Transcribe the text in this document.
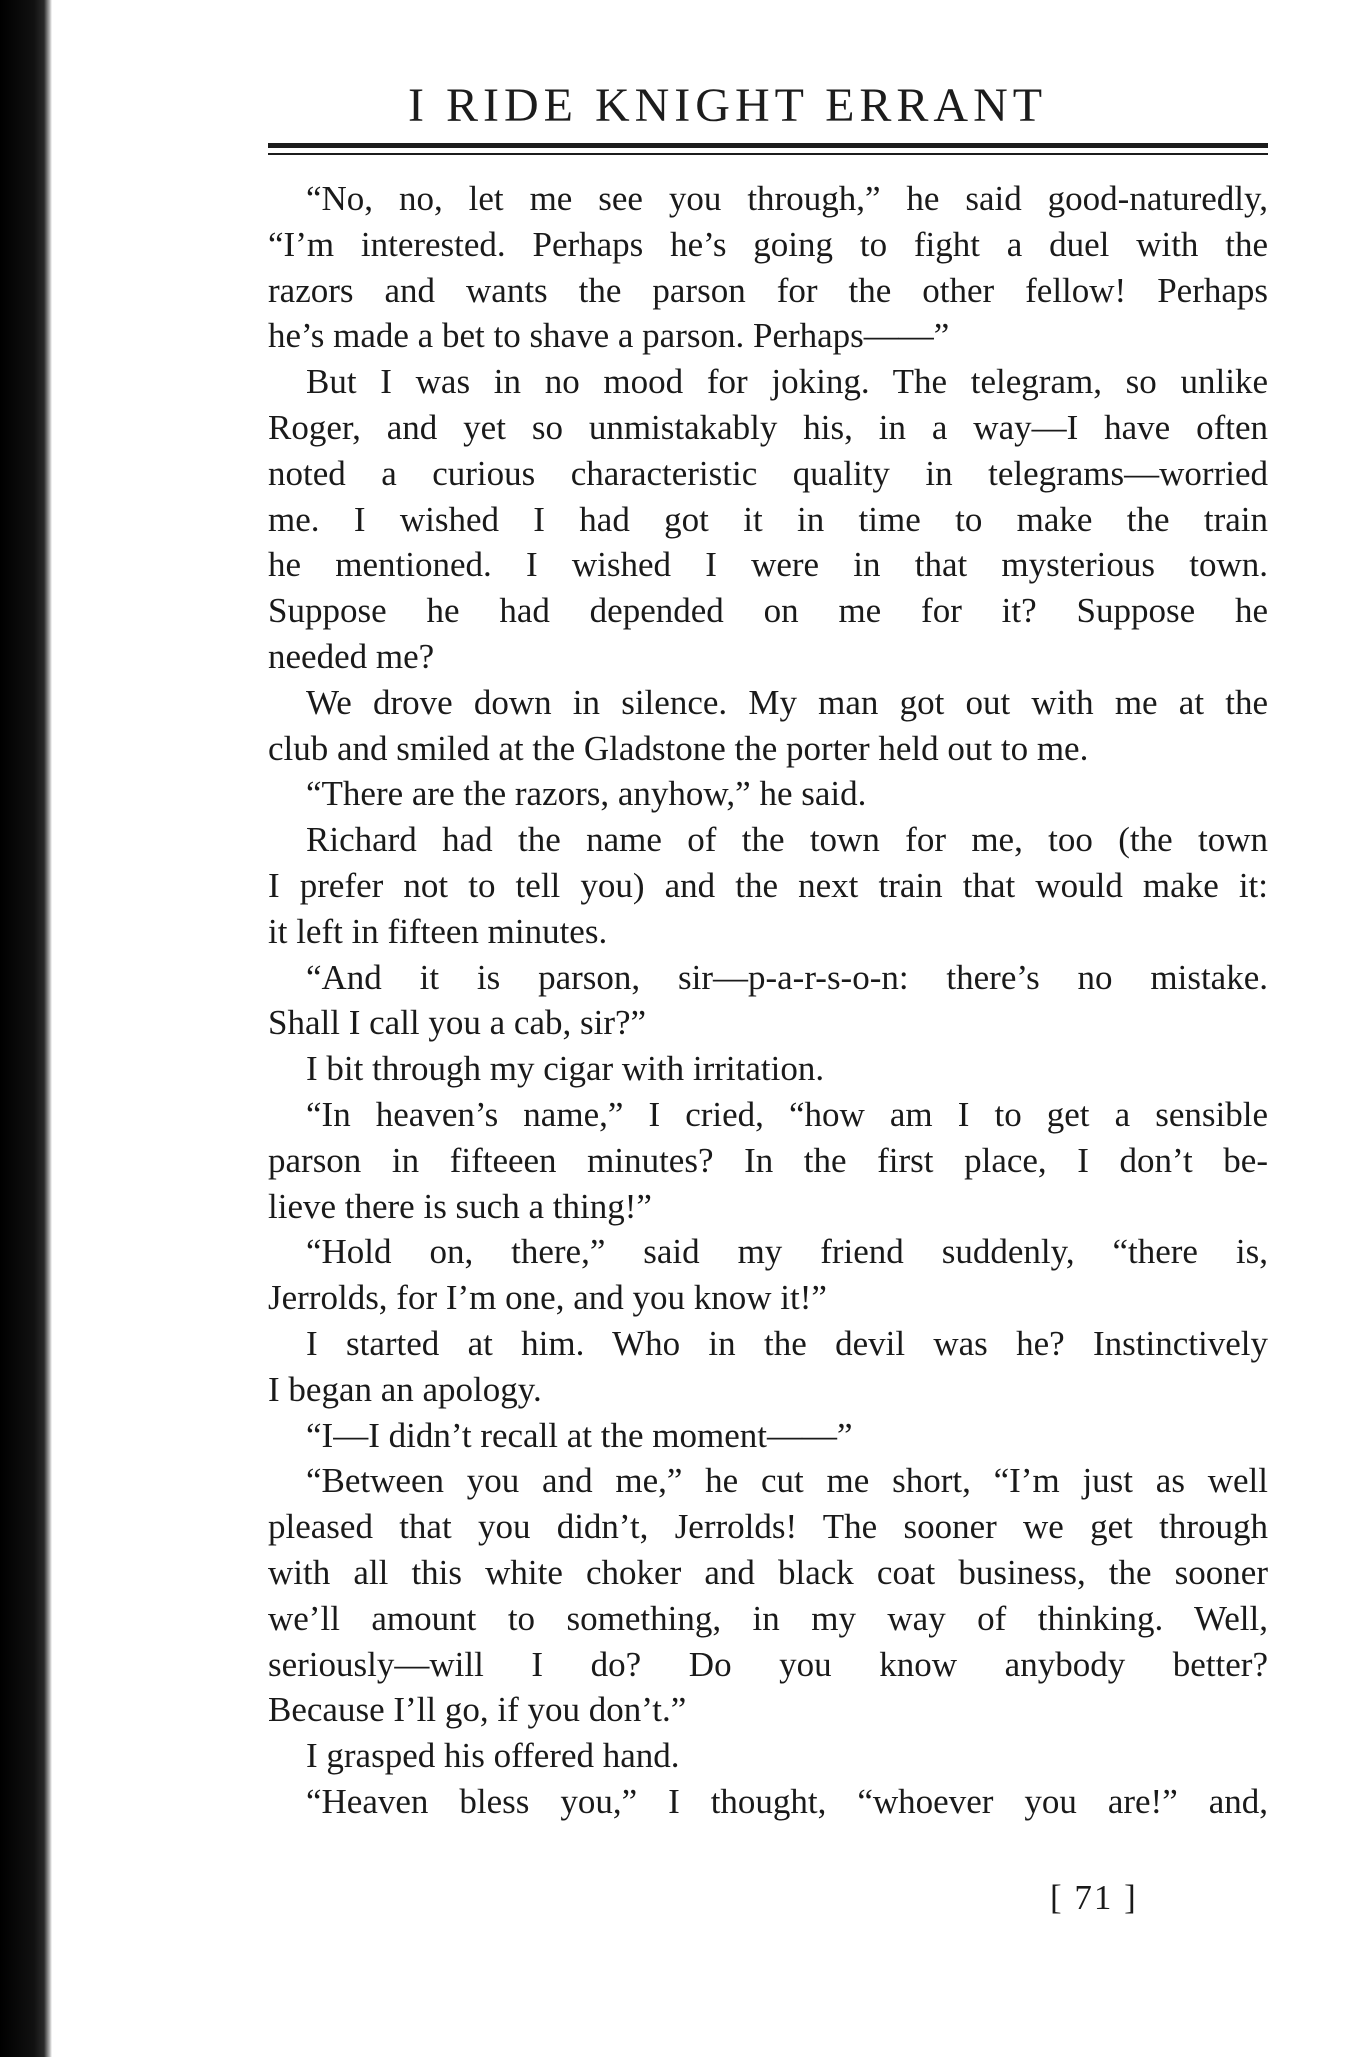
I RIDE KNIGHT ERRANT
“No, no, let me see you through,” he said good-naturedly,
“I’m interested. Perhaps he’s going to fight a duel with the
razors and wants the parson for the other fellow! Perhaps
he’s made a bet to shave a parson. Perhaps——”
But I was in no mood for joking. The telegram, so unlike
Roger, and yet so unmistakably his, in a way—I have often
noted a curious characteristic quality in telegrams—worried
me. I wished I had got it in time to make the train
he mentioned. I wished I were in that mysterious town.
Suppose he had depended on me for it? Suppose he
needed me?
We drove down in silence. My man got out with me at the
club and smiled at the Gladstone the porter held out to me.
“There are the razors, anyhow,” he said.
Richard had the name of the town for me, too (the town
I prefer not to tell you) and the next train that would make it:
it left in fifteen minutes.
“And it is parson, sir—p-a-r-s-o-n: there’s no mistake.
Shall I call you a cab, sir?”
I bit through my cigar with irritation.
“In heaven’s name,” I cried, “how am I to get a sensible
parson in fifteeen minutes? In the first place, I don’t be-
lieve there is such a thing!”
“Hold on, there,” said my friend suddenly, “there is,
Jerrolds, for I’m one, and you know it!”
I started at him. Who in the devil was he? Instinctively
I began an apology.
“I—I didn’t recall at the moment——”
“Between you and me,” he cut me short, “I’m just as well
pleased that you didn’t, Jerrolds! The sooner we get through
with all this white choker and black coat business, the sooner
we’ll amount to something, in my way of thinking. Well,
seriously—will I do? Do you know anybody better?
Because I’ll go, if you don’t.”
I grasped his offered hand.
“Heaven bless you,” I thought, “whoever you are!” and,
[ 71 ]
